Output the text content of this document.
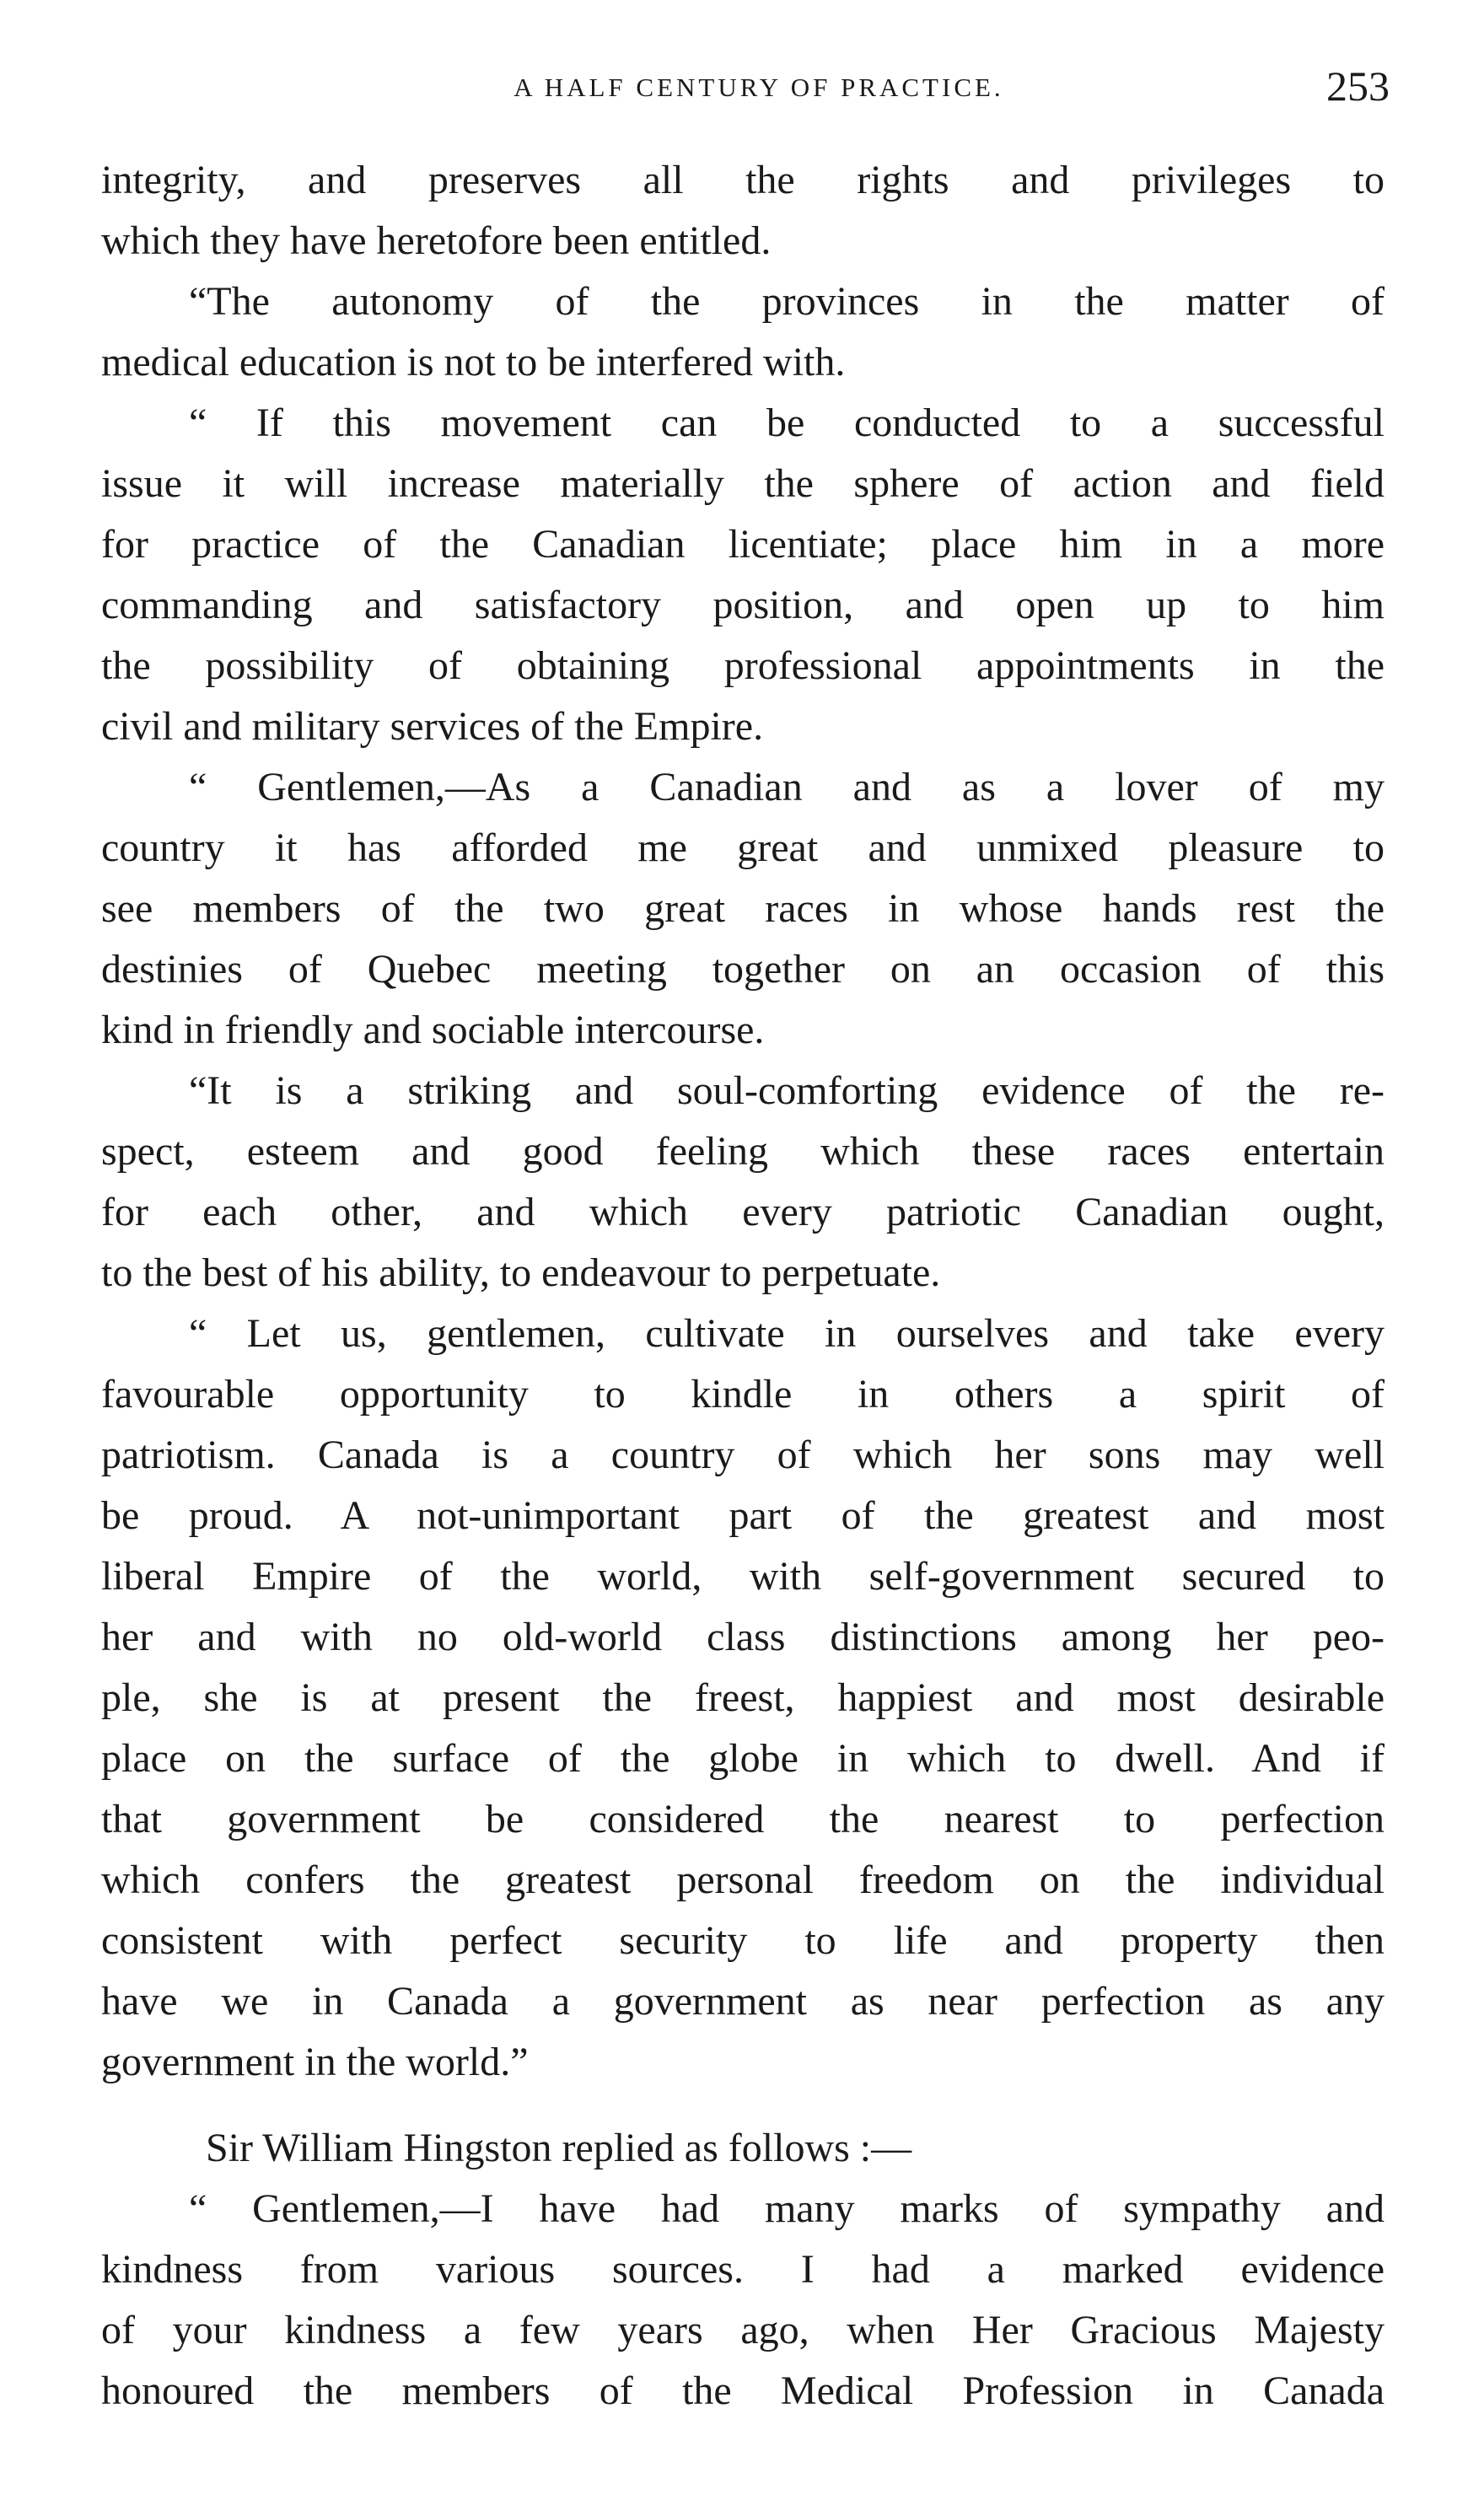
A HALF CENTURY OF PRACTICE.	253
integrity, and preserves all the rights and privileges to
which they have heretofore been entitled.
“The autonomy of the provinces in the matter of
medical education is not to be interfered with.
“ If this movement can be conducted to a successful
issue it will increase materially the sphere of action and field
for practice of the Canadian licentiate; place him in a more
commanding and satisfactory position, and open up to him
the possibility of obtaining professional appointments in the
civil and military services of the Empire.
“ Gentlemen,—As a Canadian and as a lover of my
country it has afforded me great and unmixed pleasure to
see members of the two great races in whose hands rest the
destinies of Quebec meeting together on an occasion of this
kind in friendly and sociable intercourse.
“It is a striking and soul-comforting evidence of the re-
spect, esteem and good feeling which these races entertain
for each other, and which every patriotic Canadian ought,
to the best of his ability, to endeavour to perpetuate.
“ Let us, gentlemen, cultivate in ourselves and take every
favourable opportunity to kindle in others a spirit of
patriotism. Canada is a country of which her sons may well
be proud. A not-unimportant part of the greatest and most
liberal Empire of the world, with self-government secured to
her and with no old-world class distinctions among her peo-
ple, she is at present the freest, happiest and most desirable
place on the surface of the globe in which to dwell. And if
that government be considered the nearest to perfection
which confers the greatest personal freedom on the individual
consistent with perfect security to life and property then
have we in Canada a government as near perfection as any
government in the world.”
Sir William Hingston replied as follows :—
“ Gentlemen,—I have had many marks of sympathy and
kindness from various sources. I had a marked evidence
of your kindness a few years ago, when Her Gracious Majesty
honoured the members of the Medical Profession in Canada
